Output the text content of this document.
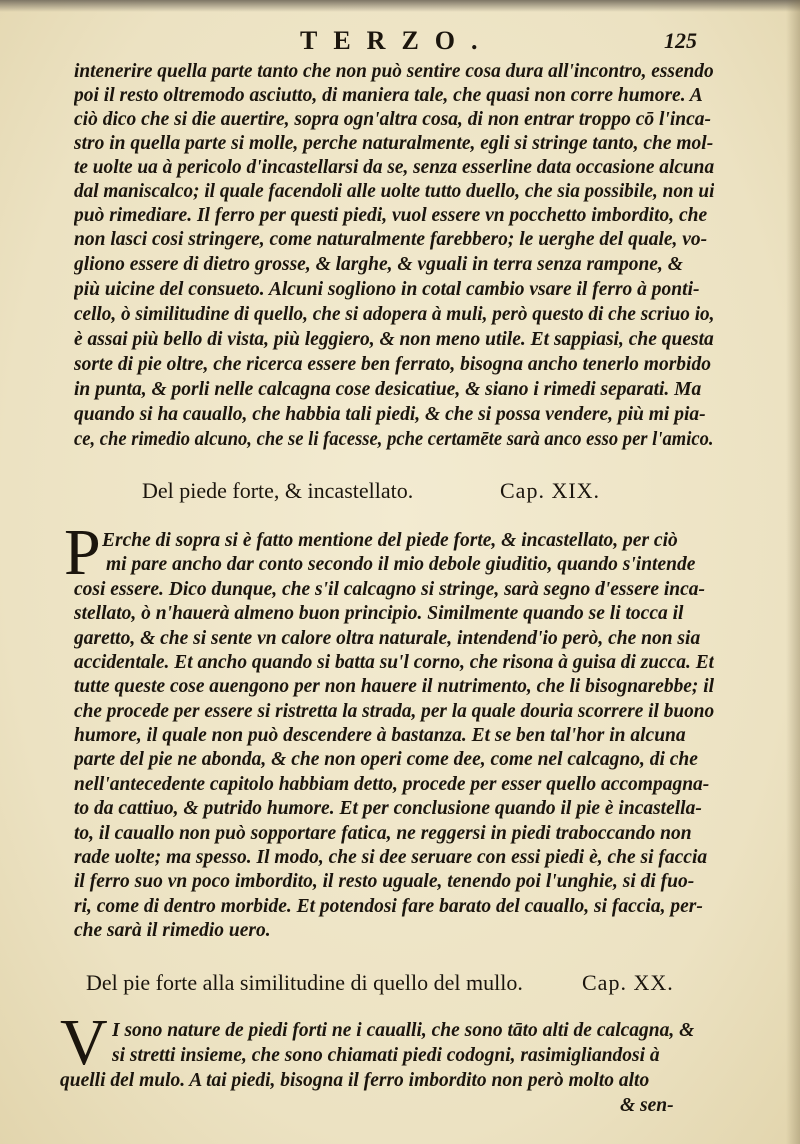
TERZO.	125
intenerire quella parte tanto che non può sentire cosa dura all'incontro, essendo
poi il resto oltremodo asciutto, di maniera tale, che quasi non corre humore. A
ciò dico che si die auertire, sopra ogn'altra cosa, di non entrar troppo cō l'inca-
stro in quella parte si molle, perche naturalmente, egli si stringe tanto, che mol-
te uolte ua à pericolo d'incastellarsi da se, senza esserline data occasione alcuna
dal maniscalco; il quale facendoli alle uolte tutto duello, che sia possibile, non ui
può rimediare. Il ferro per questi piedi, vuol essere vn pocchetto imbordito, che
non lasci cosi stringere, come naturalmente farebbero; le uerghe del quale, vo-
gliono essere di dietro grosse, & larghe, & vguali in terra senza rampone, &
più uicine del consueto. Alcuni sogliono in cotal cambio vsare il ferro à ponti-
cello, ò similitudine di quello, che si adopera à muli, però questo di che scriuo io,
è assai più bello di vista, più leggiero, & non meno utile. Et sappiasi, che questa
sorte di pie oltre, che ricerca essere ben ferrato, bisogna ancho tenerlo morbido
in punta, & porli nelle calcagna cose desicatiue, & siano i rimedi separati. Ma
quando si ha cauallo, che habbia tali piedi, & che si possa vendere, più mi pia-
ce, che rimedio alcuno, che se li facesse, pche certamēte sarà anco esso per l'amico.
Del piede forte, & incastellato.	Cap. XIX.
P Erche di sopra si è fatto mentione del piede forte, & incastellato, per ciò
mi pare ancho dar conto secondo il mio debole giuditio, quando s'intende
cosi essere. Dico dunque, che s'il calcagno si stringe, sarà segno d'essere inca-
stellato, ò n'hauerà almeno buon principio. Similmente quando se li tocca il
garetto, & che si sente vn calore oltra naturale, intendend'io però, che non sia
accidentale. Et ancho quando si batta su'l corno, che risona à guisa di zucca. Et
tutte queste cose auengono per non hauere il nutrimento, che li bisognarebbe; il
che procede per essere si ristretta la strada, per la quale douria scorrere il buono
humore, il quale non può descendere à bastanza. Et se ben tal'hor in alcuna
parte del pie ne abonda, & che non operi come dee, come nel calcagno, di che
nell'antecedente capitolo habbiam detto, procede per esser quello accompagna-
to da cattiuo, & putrido humore. Et per conclusione quando il pie è incastella-
to, il cauallo non può sopportare fatica, ne reggersi in piedi traboccando non
rade uolte; ma spesso. Il modo, che si dee seruare con essi piedi è, che si faccia
il ferro suo vn poco imbordito, il resto uguale, tenendo poi l'unghie, si di fuo-
ri, come di dentro morbide. Et potendosi fare barato del cauallo, si faccia, per-
che sarà il rimedio uero.
Del pie forte alla similitudine di quello del mullo.	Cap. XX.
V I sono nature de piedi forti ne i caualli, che sono tāto alti de calcagna, &
si stretti insieme, che sono chiamati piedi codogni, rasimigliandosi à
quelli del mulo. A tai piedi, bisogna il ferro imbordito non però molto alto
& sen-
